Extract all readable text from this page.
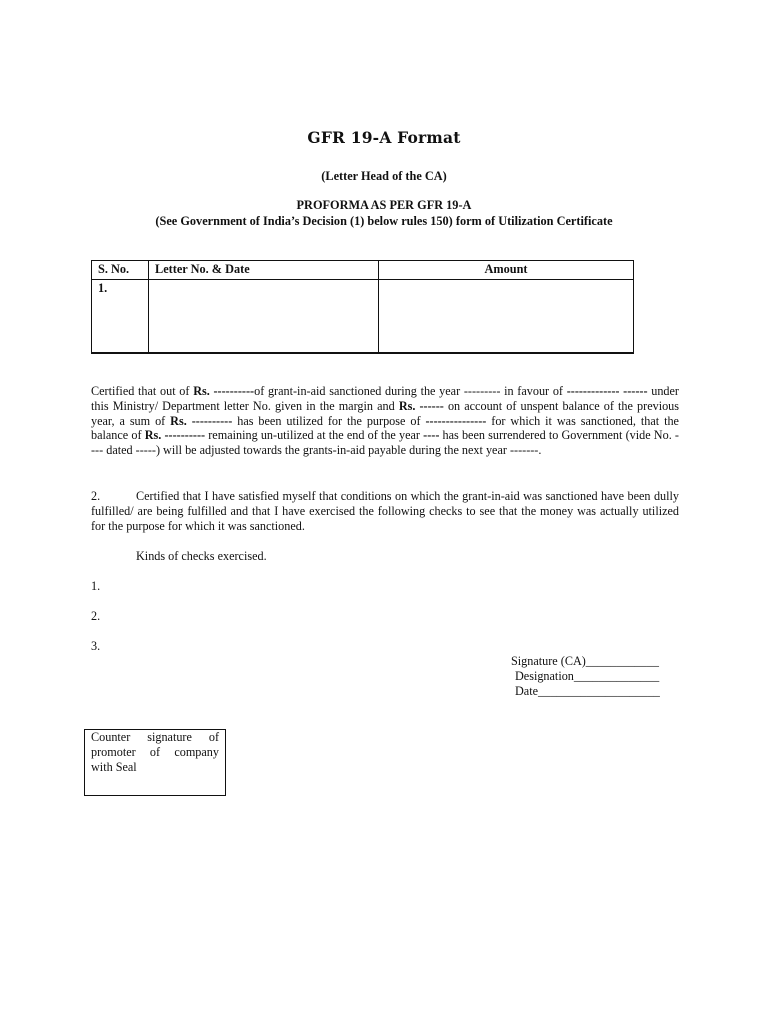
GFR 19-A Format
(Letter Head of the CA)
PROFORMA AS PER GFR 19-A
(See Government of India’s Decision (1) below rules 150) form of Utilization Certificate
S. No.	Letter No. & Date	Amount
1.		
Certified that out of Rs. ----------of grant-in-aid sanctioned during the year --------- in favour of ------------- ------ under this Ministry/ Department letter No. given in the margin and Rs. ------ on account of unspent balance of the previous year, a sum of Rs. ---------- has been utilized for the purpose of --------------- for which it was sanctioned, that the balance of Rs. ---------- remaining un-utilized at the end of the year ---- has been surrendered to Government (vide No. ---- dated -----) will be adjusted towards the grants-in-aid payable during the next year -------.
2.	Certified that I have satisfied myself that conditions on which the grant-in-aid was sanctioned have been dully fulfilled/ are being fulfilled and that I have exercised the following checks to see that the money was actually utilized for the purpose for which it was sanctioned.
Kinds of checks exercised.
1.
2.
3.
Signature (CA)____________
Designation______________
Date____________________
Counter signature of promoter of company with Seal
